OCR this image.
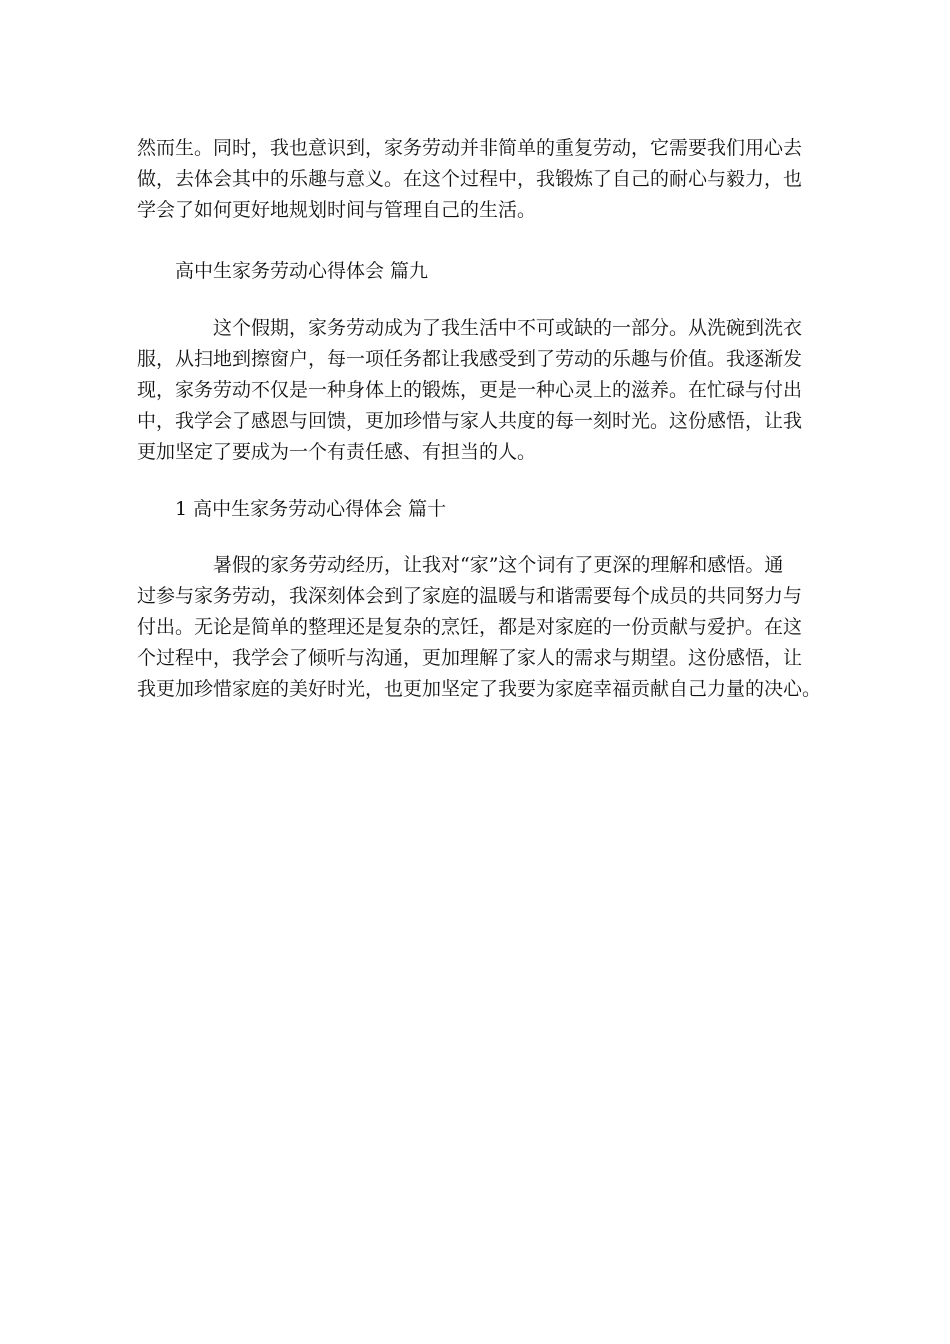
然而生。同时，我也意识到，家务劳动并非简单的重复劳动，它需要我们用心去
做，去体会其中的乐趣与意义。在这个过程中，我锻炼了自己的耐心与毅力，也
学会了如何更好地规划时间与管理自己的生活。
高中生家务劳动心得体会 篇九
这个假期，家务劳动成为了我生活中不可或缺的一部分。从洗碗到洗衣
服，从扫地到擦窗户，每一项任务都让我感受到了劳动的乐趣与价值。我逐渐发
现，家务劳动不仅是一种身体上的锻炼，更是一种心灵上的滋养。在忙碌与付出
中，我学会了感恩与回馈，更加珍惜与家人共度的每一刻时光。这份感悟，让我
更加坚定了要成为一个有责任感、有担当的人。
1 高中生家务劳动心得体会 篇十
暑假的家务劳动经历，让我对“家”这个词有了更深的理解和感悟。通
过参与家务劳动，我深刻体会到了家庭的温暖与和谐需要每个成员的共同努力与
付出。无论是简单的整理还是复杂的烹饪，都是对家庭的一份贡献与爱护。在这
个过程中，我学会了倾听与沟通，更加理解了家人的需求与期望。这份感悟，让
我更加珍惜家庭的美好时光，也更加坚定了我要为家庭幸福贡献自己力量的决心。
